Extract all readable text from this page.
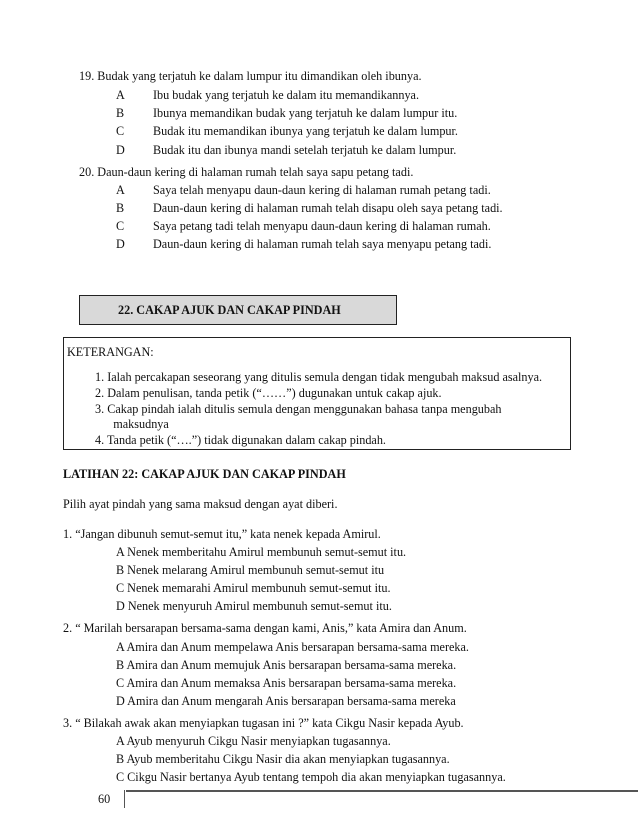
19. Budak yang terjatuh ke dalam lumpur itu dimandikan oleh ibunya.
A Ibu budak yang terjatuh ke dalam itu memandikannya.
B Ibunya memandikan budak yang terjatuh ke dalam lumpur itu.
C Budak itu memandikan ibunya yang terjatuh ke dalam lumpur.
D Budak itu dan ibunya mandi setelah terjatuh ke dalam lumpur.
20. Daun-daun kering di halaman rumah telah saya sapu petang tadi.
A Saya telah menyapu daun-daun kering di halaman rumah petang tadi.
B Daun-daun kering di halaman rumah telah disapu oleh saya petang tadi.
C Saya petang tadi telah menyapu daun-daun kering di halaman rumah.
D Daun-daun kering di halaman rumah telah saya menyapu petang tadi.
22. CAKAP AJUK DAN CAKAP PINDAH
KETERANGAN:
1. Ialah percakapan seseorang yang ditulis semula dengan tidak mengubah maksud asalnya.
2. Dalam penulisan, tanda petik (“……”) dugunakan untuk cakap ajuk.
3. Cakap pindah ialah ditulis semula dengan menggunakan bahasa tanpa mengubah
maksudnya
4. Tanda petik (“….”) tidak digunakan dalam cakap pindah.
LATIHAN 22: CAKAP AJUK DAN CAKAP PINDAH
Pilih ayat pindah yang sama maksud dengan ayat diberi.
1. “Jangan dibunuh semut-semut itu,” kata nenek kepada Amirul.
A Nenek memberitahu Amirul membunuh semut-semut itu.
B Nenek melarang Amirul membunuh semut-semut itu
C Nenek memarahi Amirul membunuh semut-semut itu.
D Nenek menyuruh Amirul membunuh semut-semut itu.
2. “ Marilah bersarapan bersama-sama dengan kami, Anis,” kata Amira dan Anum.
A Amira dan Anum mempelawa Anis bersarapan bersama-sama mereka.
B Amira dan Anum memujuk Anis bersarapan bersama-sama mereka.
C Amira dan Anum memaksa Anis bersarapan bersama-sama mereka.
D Amira dan Anum mengarah Anis bersarapan bersama-sama mereka
3. “ Bilakah awak akan menyiapkan tugasan ini ?” kata Cikgu Nasir kepada Ayub.
A Ayub menyuruh Cikgu Nasir menyiapkan tugasannya.
B Ayub memberitahu Cikgu Nasir dia akan menyiapkan tugasannya.
C Cikgu Nasir bertanya Ayub tentang tempoh dia akan menyiapkan tugasannya.
60
